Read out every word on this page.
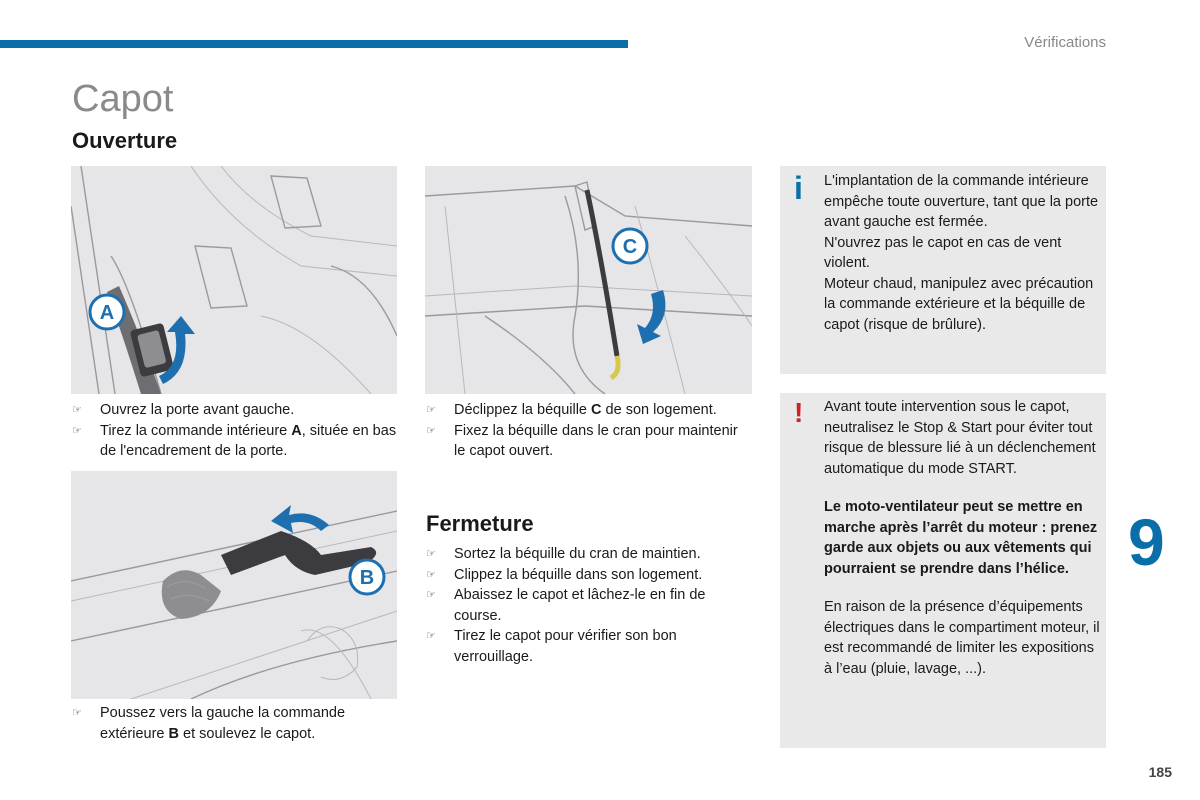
Vérifications
Capot
Ouverture
A
C
☞ Ouvrez la porte avant gauche.
☞ Tirez la commande intérieure A, située en bas de l'encadrement de la porte.
☞ Déclippez la béquille C de son logement.
☞ Fixez la béquille dans le cran pour maintenir le capot ouvert.
B
☞ Poussez vers la gauche la commande extérieure B et soulevez le capot.
Fermeture
☞ Sortez la béquille du cran de maintien.
☞ Clippez la béquille dans son logement.
☞ Abaissez le capot et lâchez-le en fin de course.
☞ Tirez le capot pour vérifier son bon verrouillage.
i L'implantation de la commande intérieure empêche toute ouverture, tant que la porte avant gauche est fermée.

N'ouvrez pas le capot en cas de vent violent.

Moteur chaud, manipulez avec précaution la commande extérieure et la béquille de capot (risque de brûlure).

! Avant toute intervention sous le capot, neutralisez le Stop & Start pour éviter tout risque de blessure lié à un déclenchement automatique du mode START.

Le moto-ventilateur peut se mettre en marche après l’arrêt du moteur : prenez garde aux objets ou aux vêtements qui pourraient se prendre dans l’hélice.

En raison de la présence d’équipements électriques dans le compartiment moteur, il est recommandé de limiter les expositions à l’eau (pluie, lavage, ...).

9
185
